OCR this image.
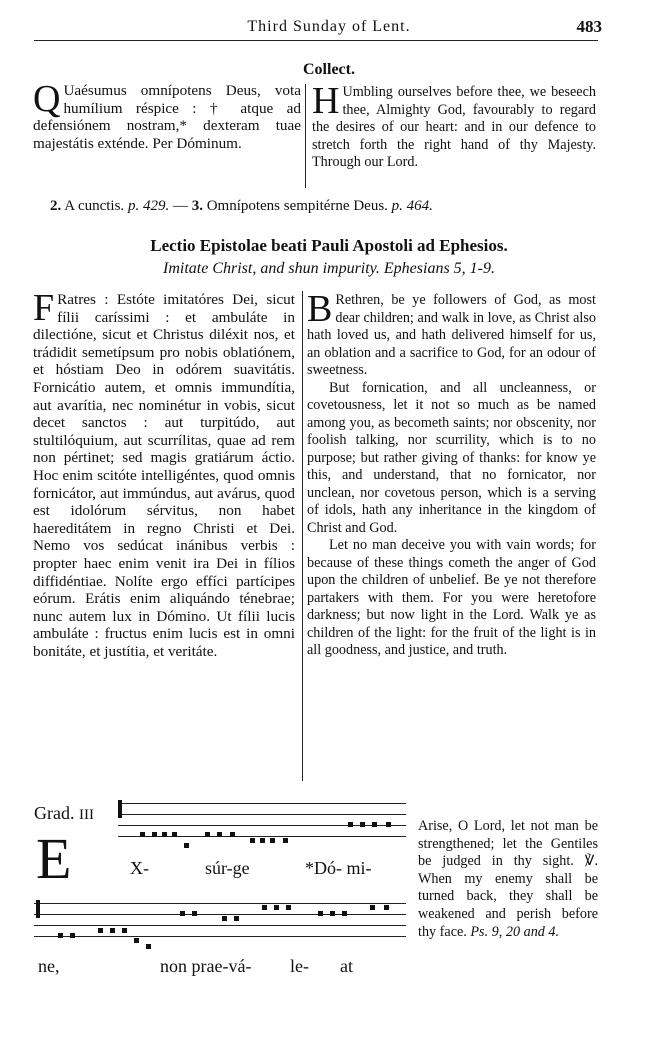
Third Sunday of Lent.	483
Collect.
Q Uaésumus omnípotens Deus, vota humílium réspice : † atque ad defensiónem nostram,* dexteram tuae majestátis exténde. Per Dóminum.
H Umbling ourselves before thee, we beseech thee, Almighty God, favourably to regard the desires of our heart: and in our defence to stretch forth the right hand of thy Majesty. Through our Lord.
2. A cunctis. p. 429. — 3. Omnípotens sempitérne Deus. p. 464.
Lectio Epistolae beati Pauli Apostoli ad Ephesios.
Imitate Christ, and shun impurity. Ephesians 5, 1-9.
F Ratres : Estóte imitatóres Dei, sicut fílii caríssimi : et ambuláte in dilectióne, sicut et Christus diléxit nos, et trádidit semetípsum pro nobis oblatiónem, et hóstiam Deo in odórem suavitátis. Fornicátio autem, et omnis immundítia, aut avarítia, nec nominétur in vobis, sicut decet sanctos : aut turpitúdo, aut stultilóquium, aut scurrílitas, quae ad rem non pértinet; sed magis gratiárum áctio. Hoc enim scitóte intelligéntes, quod omnis fornicátor, aut immúndus, aut avárus, quod est idolórum sérvitus, non habet haereditátem in regno Christi et Dei. Nemo vos sedúcat inánibus verbis : propter haec enim venit ira Dei in fílios diffidéntiae. Nolíte ergo effíci partícipes eórum. Erátis enim aliquándo ténebrae; nunc autem lux in Dómino. Ut fílii lucis ambuláte : fructus enim lucis est in omni bonitáte, et justítia, et veritáte.

B Rethren, be ye followers of God, as most dear children; and walk in love, as Christ also hath loved us, and hath delivered himself for us, an oblation and a sacrifice to God, for an odour of sweetness.

But fornication, and all uncleanness, or covetousness, let it not so much as be named among you, as becometh saints; nor obscenity, nor foolish talking, nor scurrility, which is to no purpose; but rather giving of thanks: for know ye this, and understand, that no fornicator, nor unclean, nor covetous person, which is a serving of idols, hath any inheritance in the kingdom of Christ and God.

Let no man deceive you with vain words; for because of these things cometh the anger of God upon the children of unbelief. Be ye not therefore partakers with them. For you were heretofore darkness; but now light in the Lord. Walk ye as children of the light: for the fruit of the light is in all goodness, and justice, and truth.

Grad. III
E	X-	súr-ge	*Dó- mi-
ne,	non prae-vá- le- at
Arise, O Lord, let not man be strengthened; let the Gentiles be judged in thy sight. ℣. When my enemy shall be turned back, they shall be weakened and perish before thy face. Ps. 9, 20 and 4.
